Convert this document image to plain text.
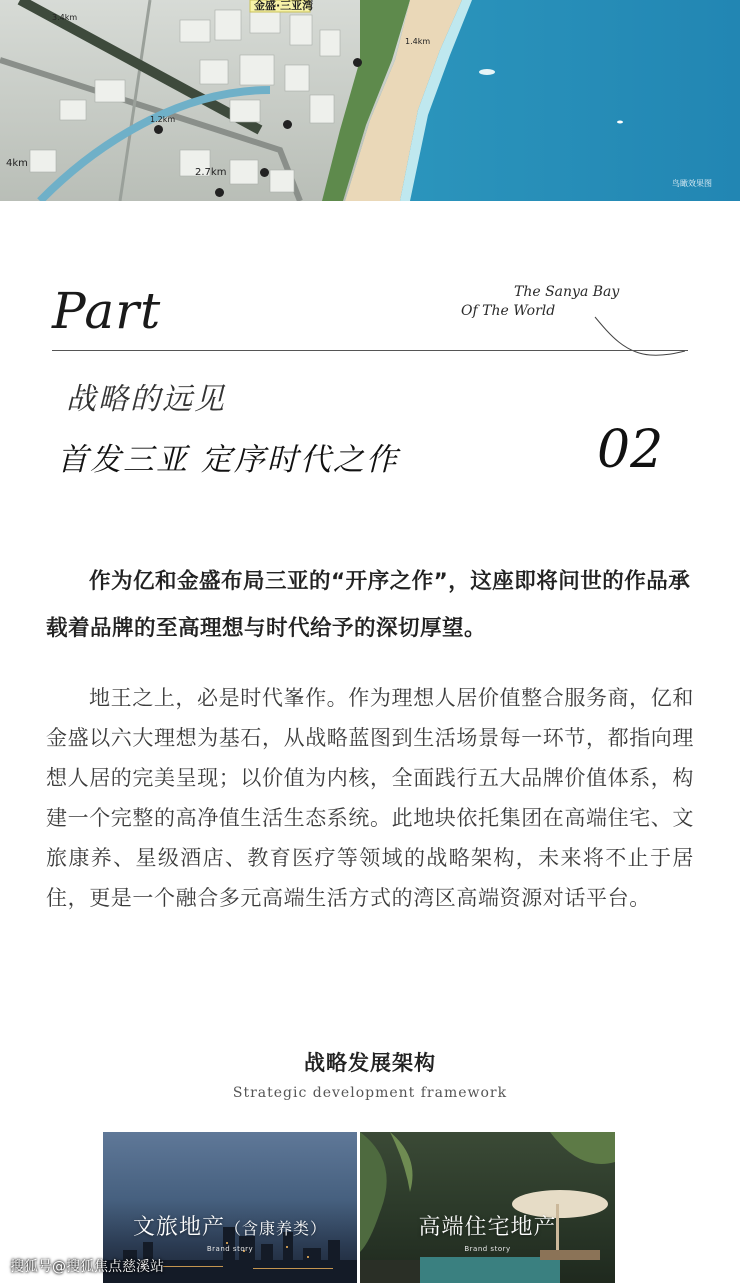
金盛·三亚湾
3.4km
2.7km
4km
1.2km
1.4km
鸟瞰效果图
Part	The Sanya Bay
Of The World
战略的远见
首发三亚 定序时代之作	02

作为亿和金盛布局三亚的“开序之作”，这座即将问世的作品承载着品牌的至高理想与时代给予的深切厚望。

地王之上，必是时代峯作。作为理想人居价值整合服务商，亿和金盛以六大理想为基石，从战略蓝图到生活场景每一环节，都指向理想人居的完美呈现；以价值为内核，全面践行五大品牌价值体系，构建一个完整的高净值生活生态系统。此地块依托集团在高端住宅、文旅康养、星级酒店、教育医疗等领域的战略架构，未来将不止于居住，更是一个融合多元高端生活方式的湾区高端资源对话平台。

战略发展架构
Strategic development framework
文旅地产（含康养类）
Brand story
高端住宅地产
Brand story
搜狐号@搜狐焦点慈溪站
